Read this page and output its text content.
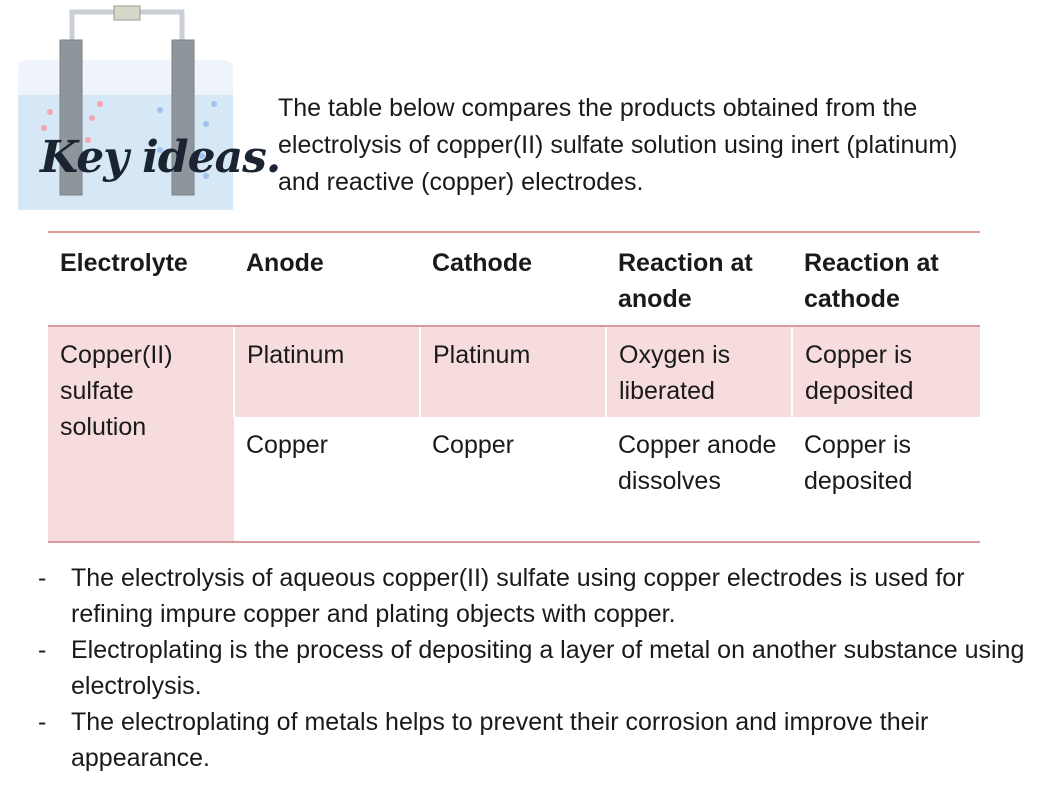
Key ideas.
The table below compares the products obtained from the electrolysis of copper(II) sulfate solution using inert (platinum) and reactive (copper) electrodes.
Electrolyte	Anode	Cathode	Reaction at anode	Reaction at cathode
Copper(II) sulfate solution	Platinum	Platinum	Oxygen is liberated	Copper is deposited
	Copper	Copper	Copper anode dissolves	Copper is deposited

- The electrolysis of aqueous copper(II) sulfate using copper electrodes is used for refining impure copper and plating objects with copper.

- Electroplating is the process of depositing a layer of metal on another substance using electrolysis.

- The electroplating of metals helps to prevent their corrosion and improve their appearance.
